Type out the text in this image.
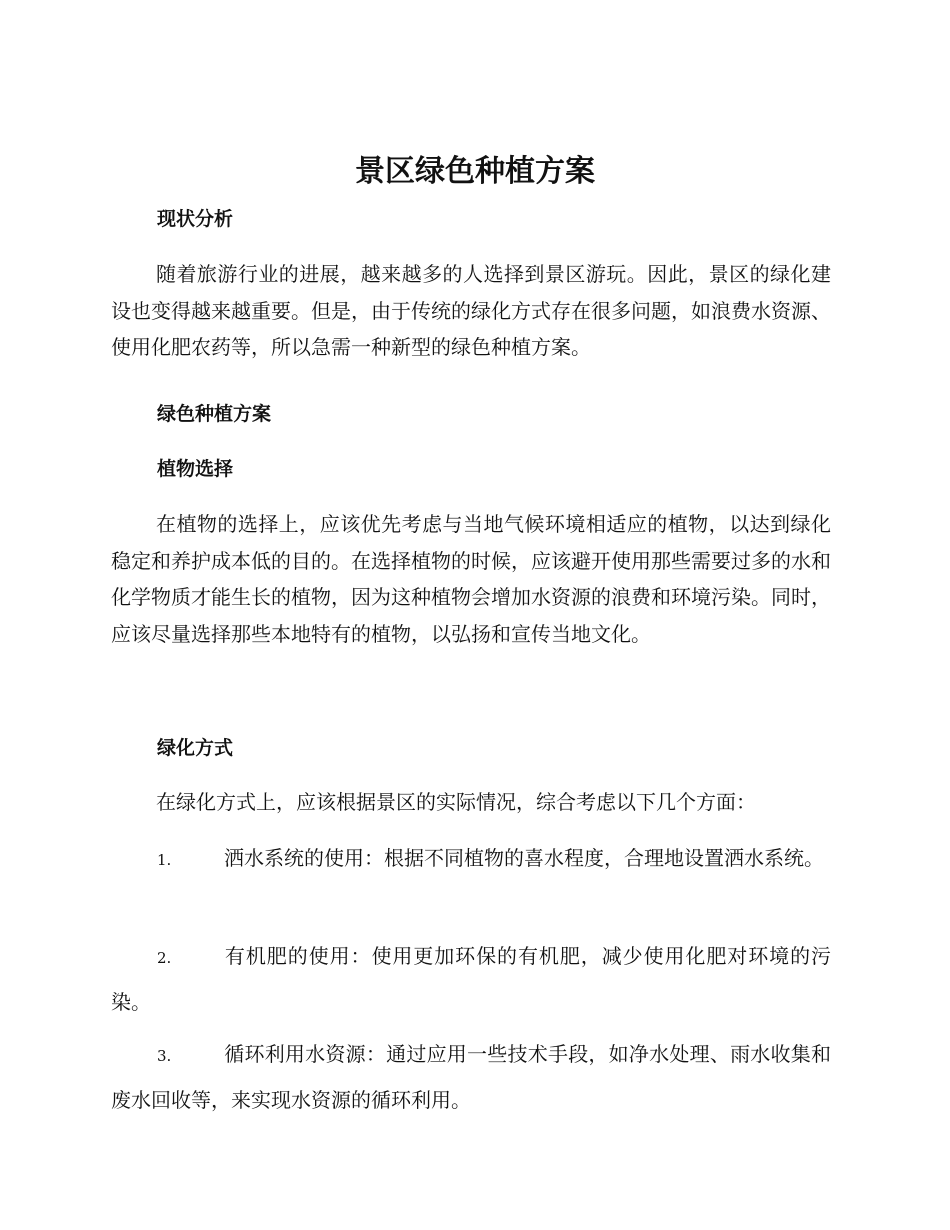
景区绿色种植方案
现状分析
随着旅游行业的进展，越来越多的人选择到景区游玩。因此，景区的绿化建设也变得越来越重要。但是，由于传统的绿化方式存在很多问题，如浪费水资源、使用化肥农药等，所以急需一种新型的绿色种植方案。
绿色种植方案
植物选择
在植物的选择上，应该优先考虑与当地气候环境相适应的植物，以达到绿化稳定和养护成本低的目的。在选择植物的时候，应该避开使用那些需要过多的水和化学物质才能生长的植物，因为这种植物会增加水资源的浪费和环境污染。同时，应该尽量选择那些本地特有的植物，以弘扬和宣传当地文化。
绿化方式
在绿化方式上，应该根据景区的实际情况，综合考虑以下几个方面：
1.	洒水系统的使用：根据不同植物的喜水程度，合理地设置洒水系统。
2.	有机肥的使用：使用更加环保的有机肥，减少使用化肥对环境的污染。
3.	循环利用水资源：通过应用一些技术手段，如净水处理、雨水收集和废水回收等，来实现水资源的循环利用。
